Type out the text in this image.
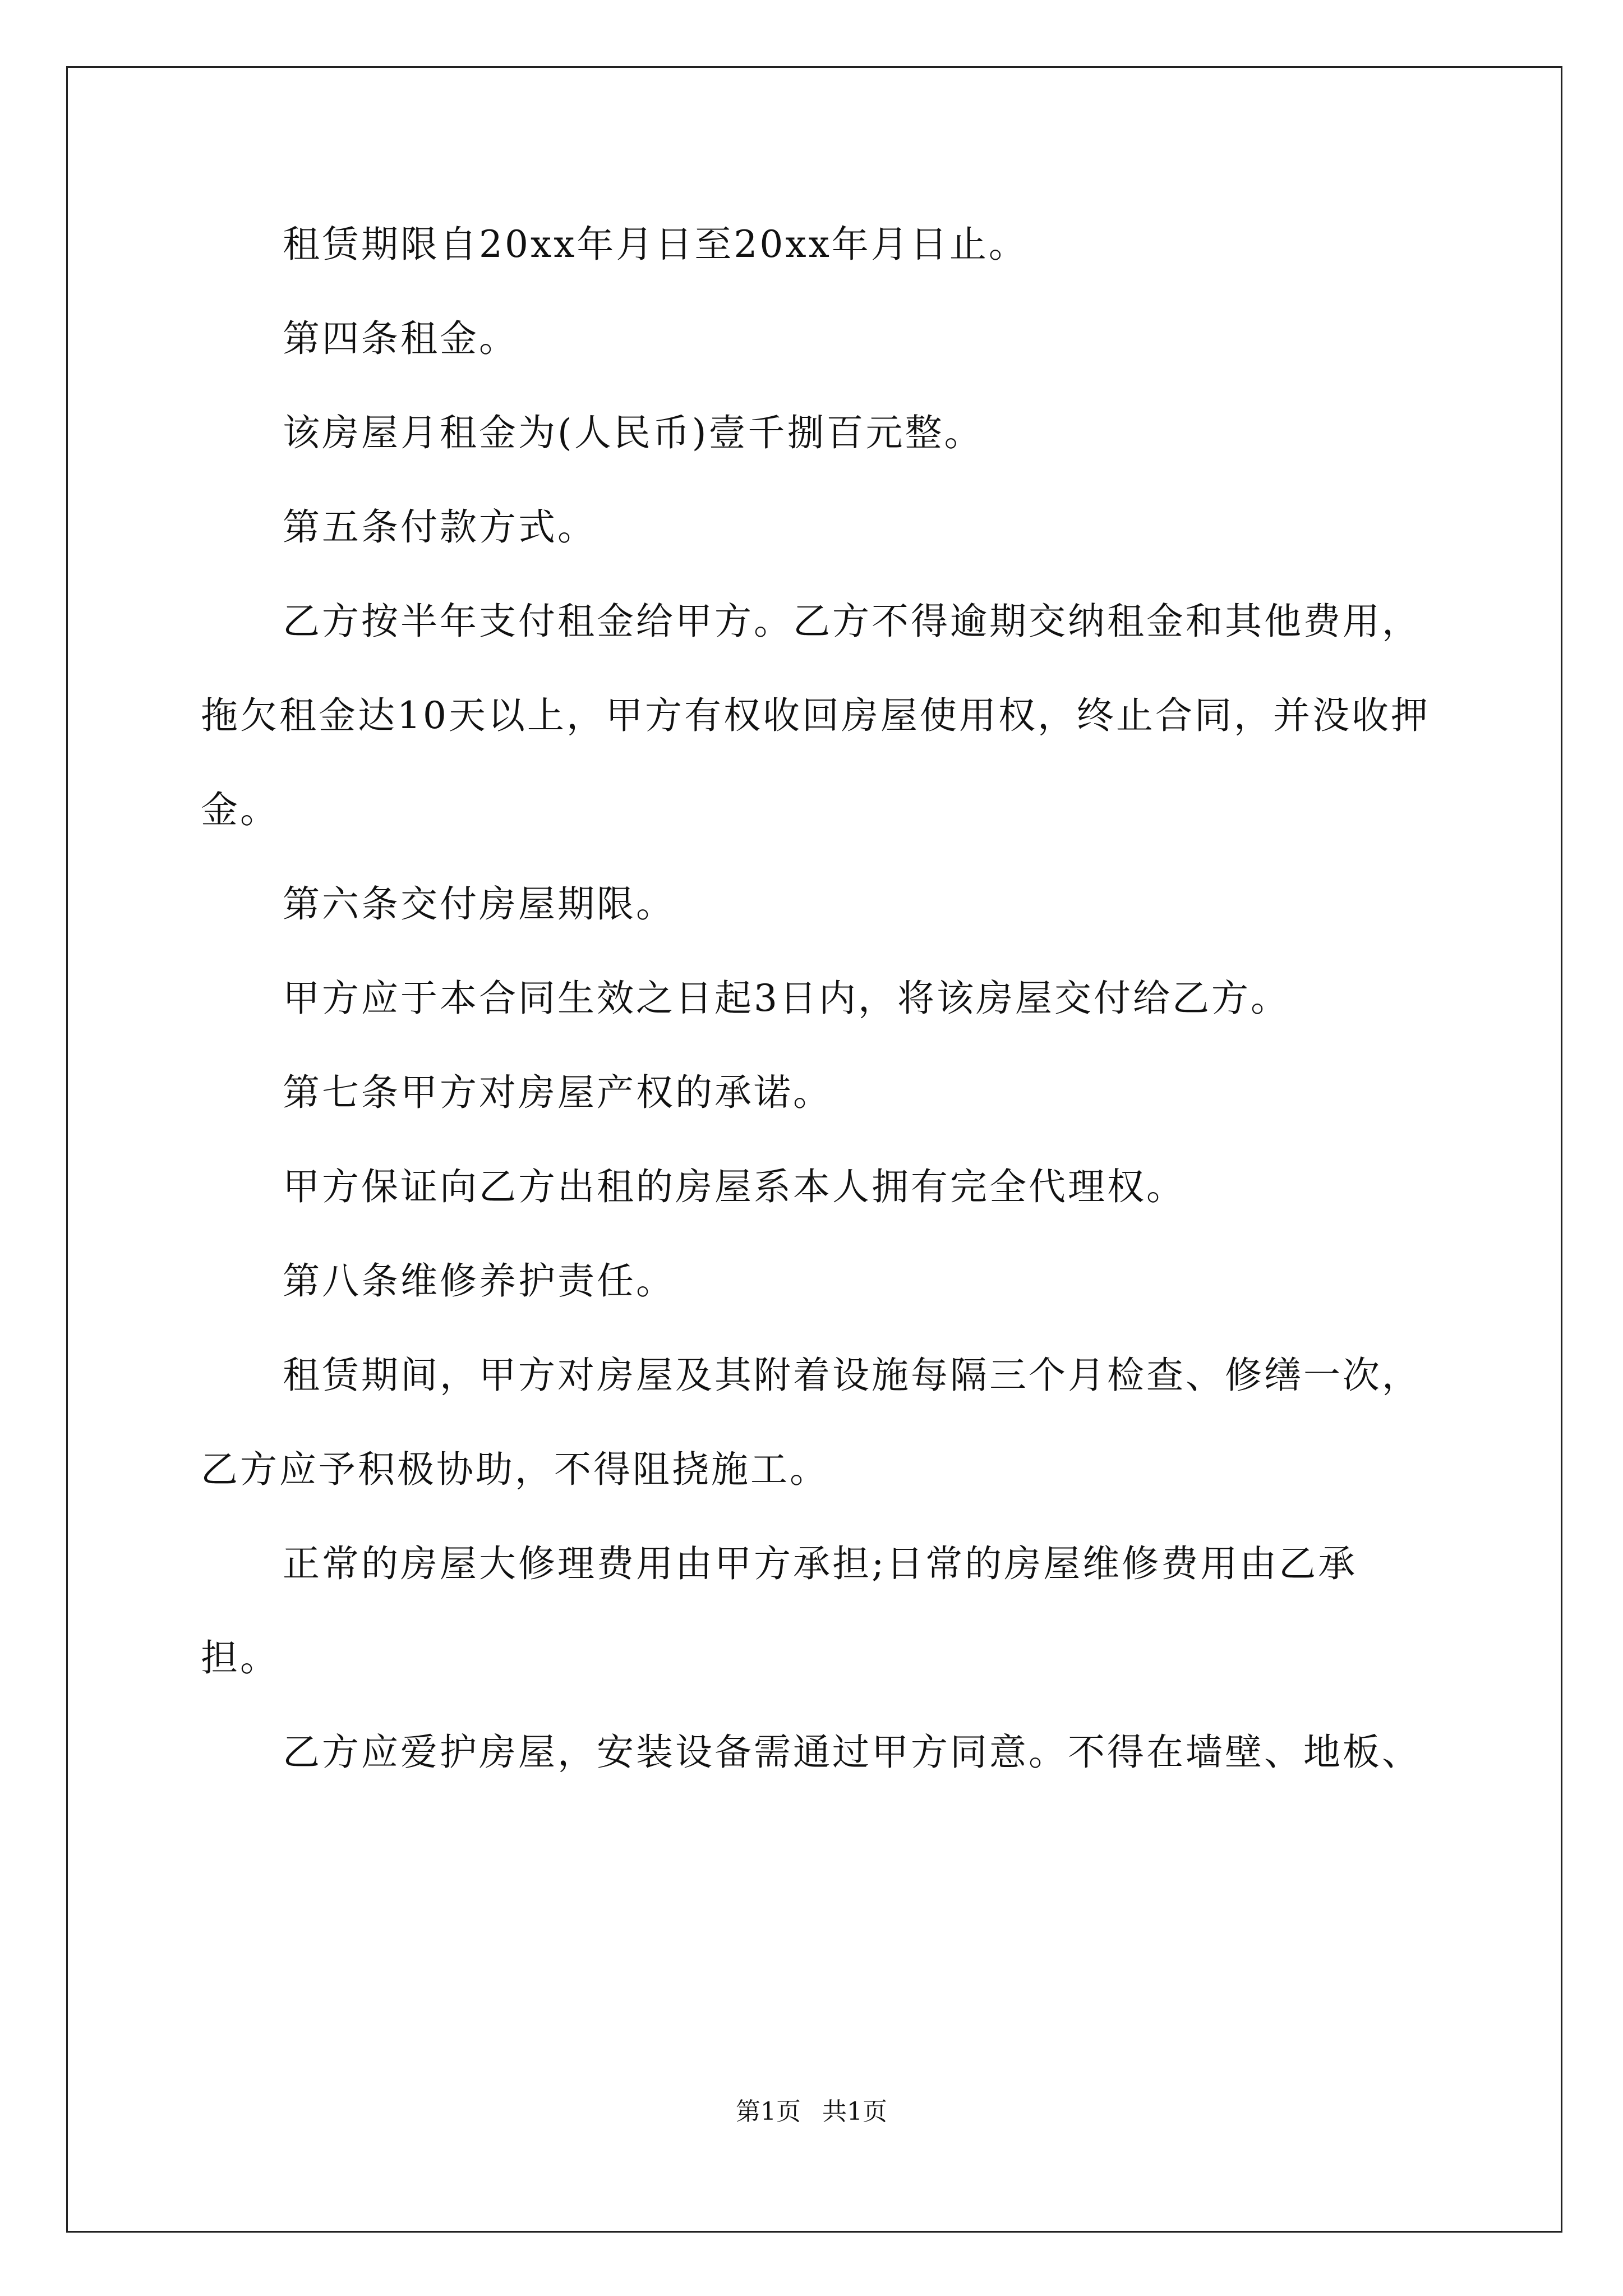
租赁期限自20xx年月日至20xx年月日止。

第四条租金。

该房屋月租金为(人民币)壹千捌百元整。

第五条付款方式。

乙方按半年支付租金给甲方。乙方不得逾期交纳租金和其他费用，拖欠租金达10天以上，甲方有权收回房屋使用权，终止合同，并没收押金。

第六条交付房屋期限。

甲方应于本合同生效之日起3日内，将该房屋交付给乙方。

第七条甲方对房屋产权的承诺。

甲方保证向乙方出租的房屋系本人拥有完全代理权。

第八条维修养护责任。

租赁期间，甲方对房屋及其附着设施每隔三个月检查、修缮一次，乙方应予积极协助，不得阻挠施工。

正常的房屋大修理费用由甲方承担;日常的房屋维修费用由乙承担。

乙方应爱护房屋，安装设备需通过甲方同意。不得在墙壁、地板、

第1页 共1页
